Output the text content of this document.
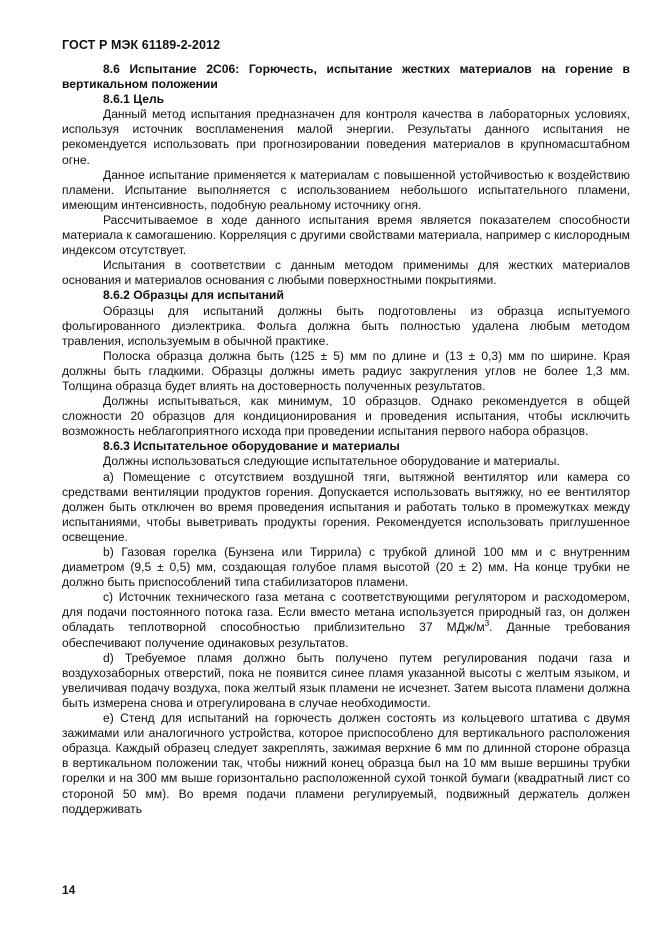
ГОСТ Р МЭК 61189-2-2012

8.6 Испытание 2С06: Горючесть, испытание жестких материалов на горение в вертикальном положении

8.6.1 Цель

Данный метод испытания предназначен для контроля качества в лабораторных условиях, используя источник воспламенения малой энергии. Результаты данного испытания не рекомендуется использовать при прогнозировании поведения материалов в крупномасштабном огне.

Данное испытание применяется к материалам с повышенной устойчивостью к воздействию пламени. Испытание выполняется с использованием небольшого испытательного пламени, имеющим интенсивность, подобную реальному источнику огня.

Рассчитываемое в ходе данного испытания время является показателем способности материала к самогашению. Корреляция с другими свойствами материала, например с кислородным индексом отсутствует.

Испытания в соответствии с данным методом применимы для жестких материалов основания и материалов основания с любыми поверхностными покрытиями.

8.6.2 Образцы для испытаний

Образцы для испытаний должны быть подготовлены из образца испытуемого фольгированного диэлектрика. Фольга должна быть полностью удалена любым методом травления, используемым в обычной практике.

Полоска образца должна быть (125 ± 5) мм по длине и (13 ± 0,3) мм по ширине. Края должны быть гладкими. Образцы должны иметь радиус закругления углов не более 1,3 мм. Толщина образца будет влиять на достоверность полученных результатов.

Должны испытываться, как минимум, 10 образцов. Однако рекомендуется в общей сложности 20 образцов для кондиционирования и проведения испытания, чтобы исключить возможность неблагоприятного исхода при проведении испытания первого набора образцов.

8.6.3 Испытательное оборудование и материалы

Должны использоваться следующие испытательное оборудование и материалы.

а) Помещение с отсутствием воздушной тяги, вытяжной вентилятор или камера со средствами вентиляции продуктов горения. Допускается использовать вытяжку, но ее вентилятор должен быть отключен во время проведения испытания и работать только в промежутках между испытаниями, чтобы выветривать продукты горения. Рекомендуется использовать приглушенное освещение.

b) Газовая горелка (Бунзена или Тиррила) с трубкой длиной 100 мм и с внутренним диаметром (9,5 ± 0,5) мм, создающая голубое пламя высотой (20 ± 2) мм. На конце трубки не должно быть приспособлений типа стабилизаторов пламени.

с) Источник технического газа метана с соответствующими регулятором и расходомером, для подачи постоянного потока газа. Если вместо метана используется природный газ, он должен обладать теплотворной способностью приблизительно 37 МДж/$м^3$. Данные требования обеспечивают получение одинаковых результатов.

d) Требуемое пламя должно быть получено путем регулирования подачи газа и воздухозаборных отверстий, пока не появится синее пламя указанной высоты с желтым языком, и увеличивая подачу воздуха, пока желтый язык пламени не исчезнет. Затем высота пламени должна быть измерена снова и отрегулирована в случае необходимости.

е) Стенд для испытаний на горючесть должен состоять из кольцевого штатива с двумя зажимами или аналогичного устройства, которое приспособлено для вертикального расположения образца. Каждый образец следует закреплять, зажимая верхние 6 мм по длинной стороне образца в вертикальном положении так, чтобы нижний конец образца был на 10 мм выше вершины трубки горелки и на 300 мм выше горизонтально расположенной сухой тонкой бумаги (квадратный лист со стороной 50 мм). Во время подачи пламени регулируемый, подвижный держатель должен поддерживать

14
